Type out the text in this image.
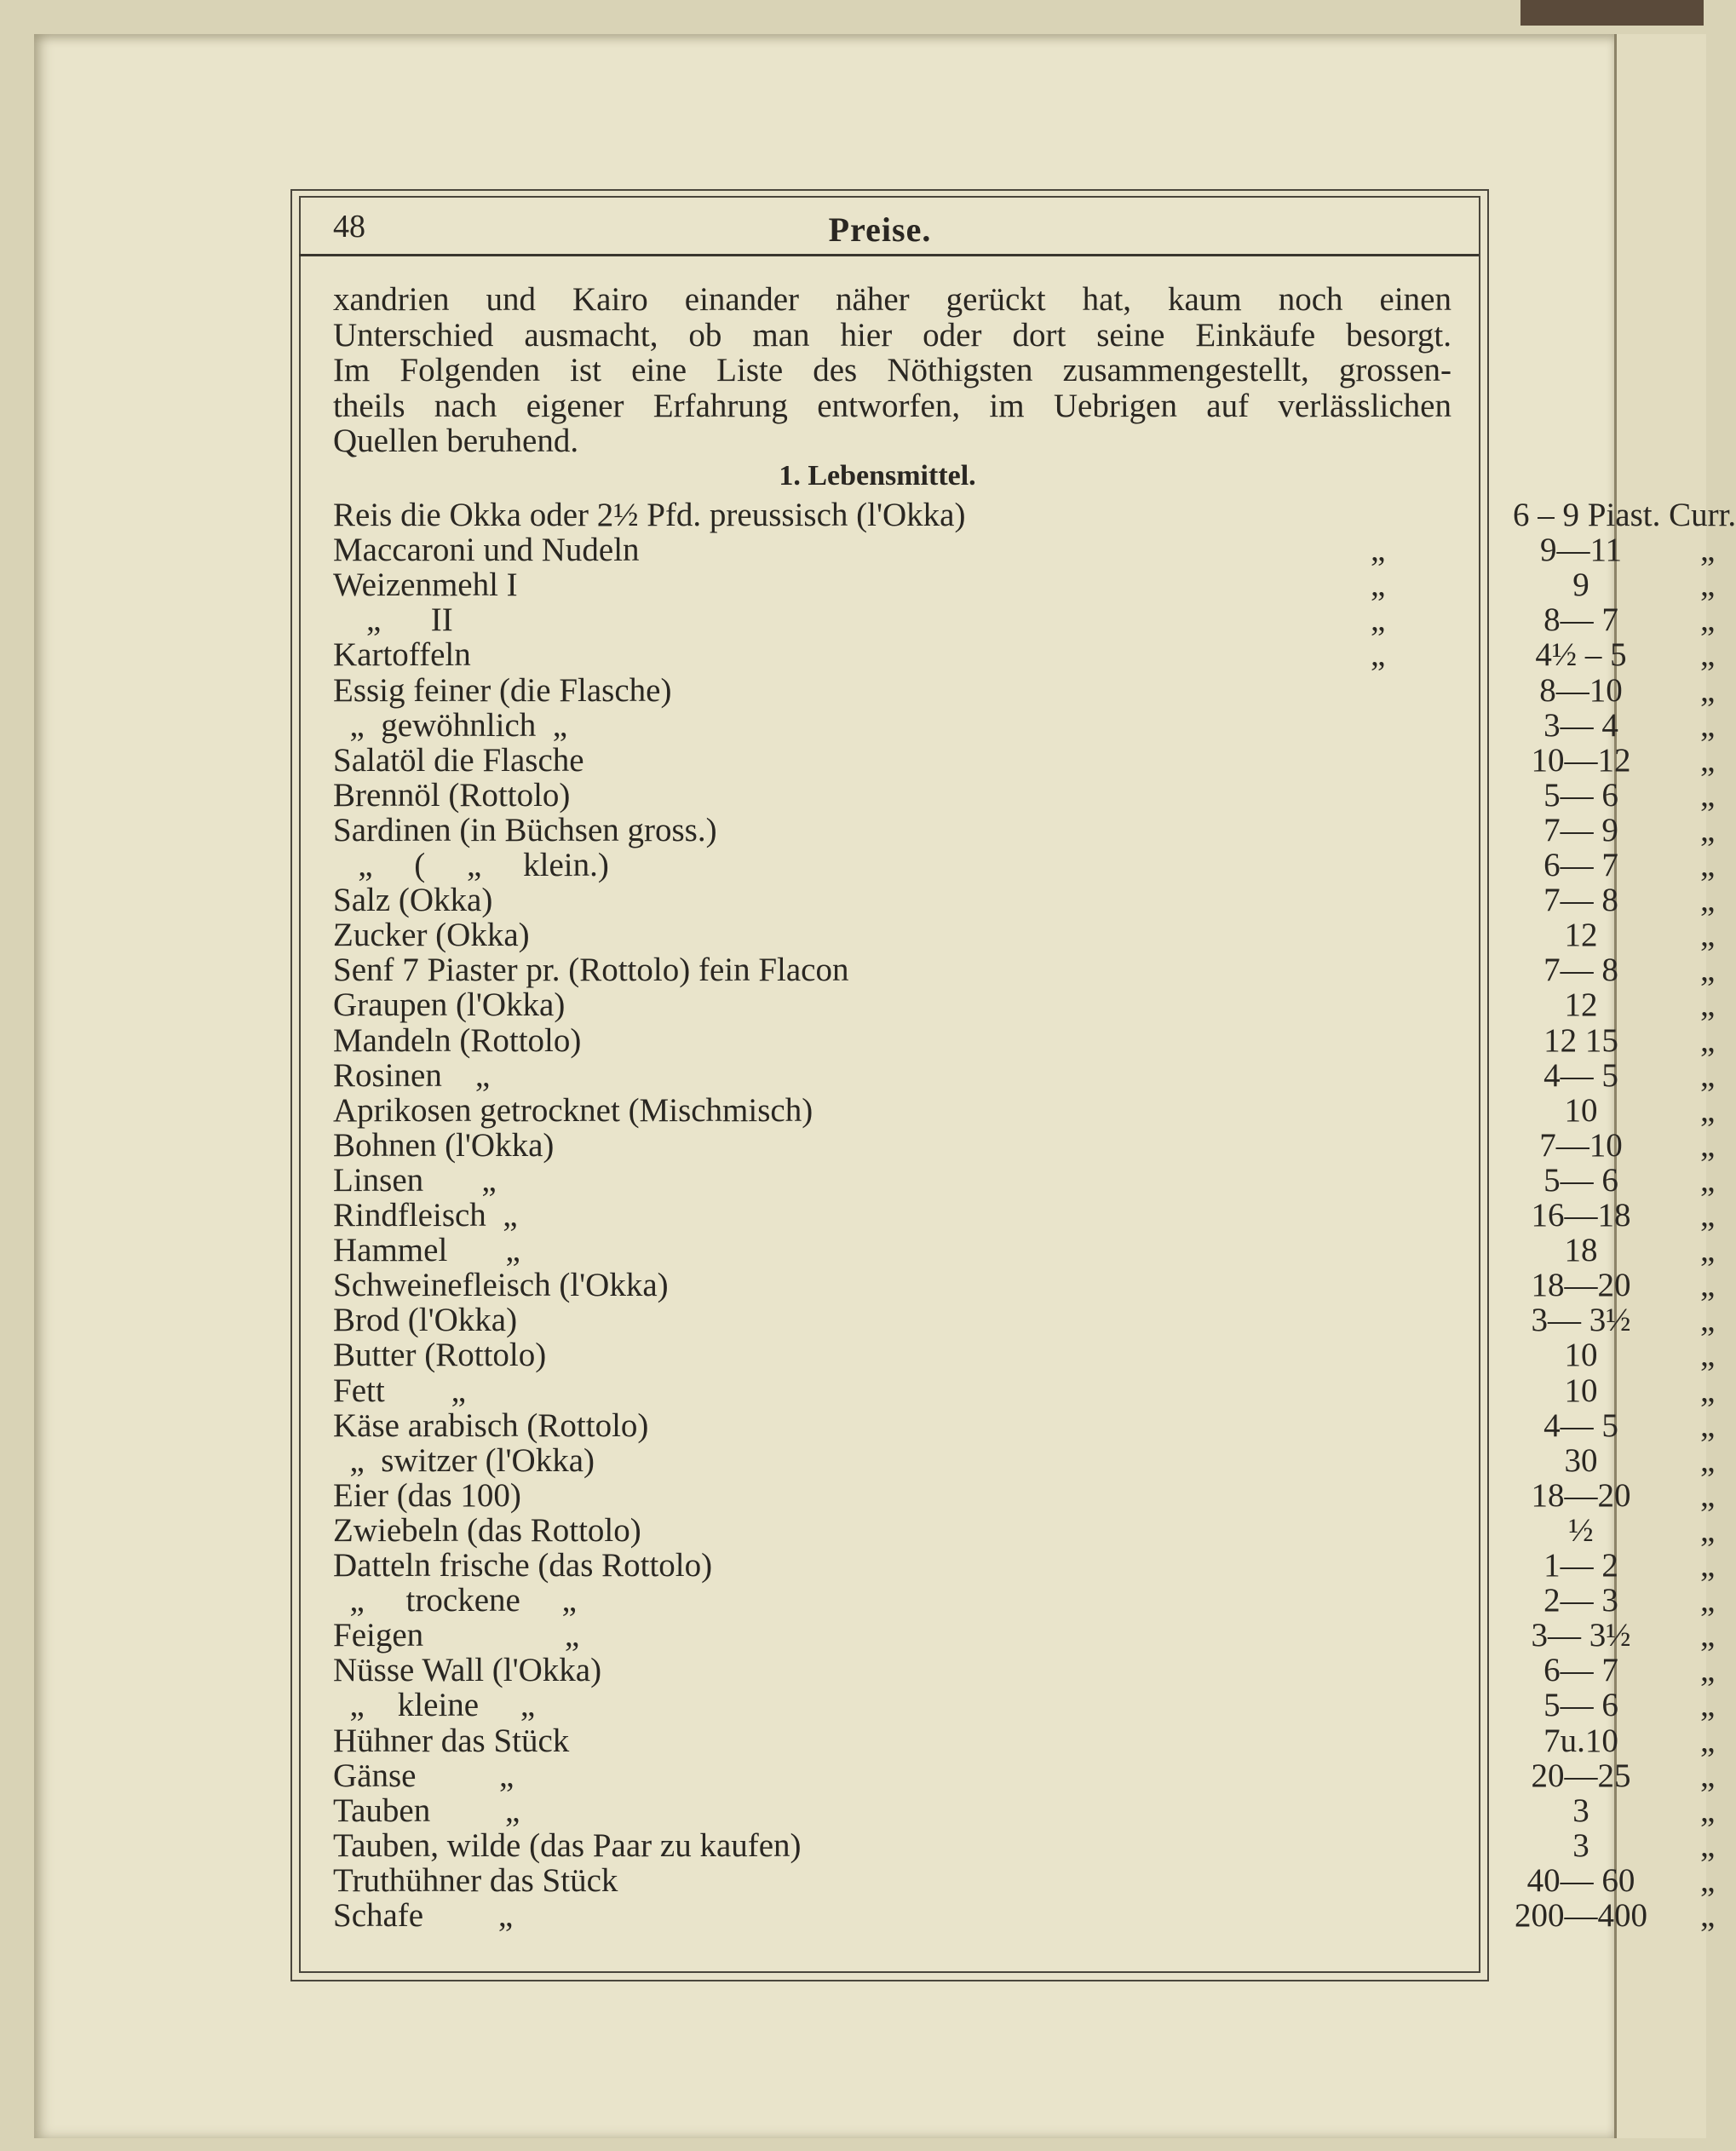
48	Preise.
xandrien und Kairo einander näher gerückt hat, kaum noch einen
Unterschied ausmacht, ob man hier oder dort seine Einkäufe besorgt.
Im Folgenden ist eine Liste des Nöthigsten zusammengestellt, grossen-
theils nach eigener Erfahrung entworfen, im Uebrigen auf verlässlichen
Quellen beruhend.
1. Lebensmittel.
Reis die Okka oder 2½ Pfd. preussisch (l'Okka)	6 – 9 Piast. Curr.
Maccaroni und Nudeln	„	9—11	„
Weizenmehl I	„	9	„
„      II	„	8— 7	„
Kartoffeln	„	4½ – 5	„
Essig feiner (die Flasche)	8—10	„
„  gewöhnlich  „	3— 4	„
Salatöl die Flasche	10—12	„
Brennöl (Rottolo)	5— 6	„
Sardinen (in Büchsen gross.)	7— 9	„
„     (     „     klein.)	6— 7	„
Salz (Okka)	7— 8	„
Zucker (Okka)	12	„
Senf 7 Piaster pr. (Rottolo) fein Flacon	7— 8	„
Graupen (l'Okka)	12	„
Mandeln (Rottolo)	12 15	„
Rosinen    „	4— 5	„
Aprikosen getrocknet (Mischmisch)	10	„
Bohnen (l'Okka)	7—10	„
Linsen       „	5— 6	„
Rindfleisch  „	16—18	„
Hammel       „	18	„
Schweinefleisch (l'Okka)	18—20	„
Brod (l'Okka)	3— 3½	„
Butter (Rottolo)	10	„
Fett        „	10	„
Käse arabisch (Rottolo)	4— 5	„
„  switzer (l'Okka)	30	„
Eier (das 100)	18—20	„
Zwiebeln (das Rottolo)	½	„
Datteln frische (das Rottolo)	1— 2	„
„     trockene     „	2— 3	„
Feigen                 „	3— 3½	„
Nüsse Wall (l'Okka)	6— 7	„
„    kleine     „	5— 6	„
Hühner das Stück	7u.10	„
Gänse          „	20—25	„
Tauben         „	3	„
Tauben, wilde (das Paar zu kaufen)	3	„
Truthühner das Stück	40— 60	„
Schafe         „	200—400 „
